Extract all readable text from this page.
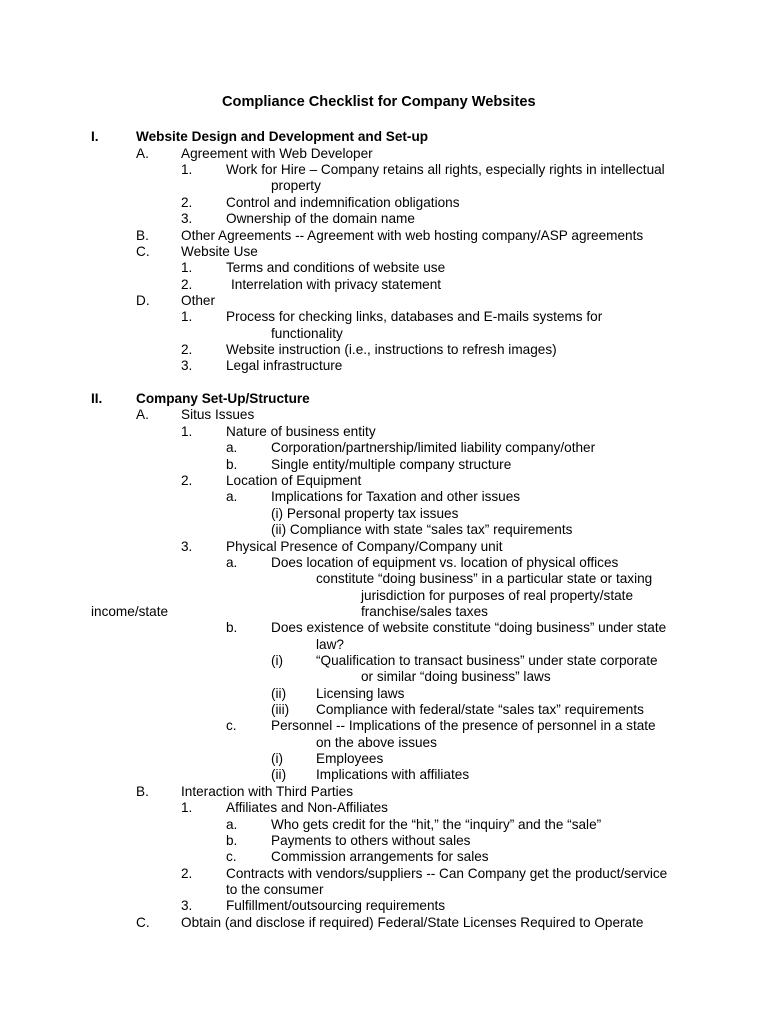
Compliance Checklist for Company Websites
I.	Website Design and Development and Set-up
A. Agreement with Web Developer
1. Work for Hire – Company retains all rights, especially rights in intellectual
property
2. Control and indemnification obligations
3. Ownership of the domain name
B. Other Agreements -- Agreement with web hosting company/ASP agreements
C. Website Use
1. Terms and conditions of website use
2.	Interrelation with privacy statement
D. Other
1. Process for checking links, databases and E-mails systems for
functionality
2. Website instruction (i.e., instructions to refresh images)
3. Legal infrastructure
II. Company Set-Up/Structure
A. Situs Issues
1. Nature of business entity
a. Corporation/partnership/limited liability company/other
b. Single entity/multiple company structure
2. Location of Equipment
a. Implications for Taxation and other issues
(i) Personal property tax issues
(ii) Compliance with state “sales tax” requirements
3. Physical Presence of Company/Company unit
a. Does location of equipment vs. location of physical offices
constitute “doing business” in a particular state or taxing
jurisdiction for purposes of real property/state
income/state	franchise/sales taxes
b. Does existence of website constitute “doing business” under state
law?
(i) “Qualification to transact business” under state corporate
or similar “doing business” laws
(ii) Licensing laws
(iii) Compliance with federal/state “sales tax” requirements
c.	Personnel -- Implications of the presence of personnel in a state
on the above issues
(i) Employees
(ii) Implications with affiliates
B. Interaction with Third Parties
1. Affiliates and Non-Affiliates
a. Who gets credit for the “hit,” the “inquiry” and the “sale”
b. Payments to others without sales
c.	Commission arrangements for sales
2. Contracts with vendors/suppliers -- Can Company get the product/service
to the consumer
3. Fulfillment/outsourcing requirements
C. Obtain (and disclose if required) Federal/State Licenses Required to Operate
